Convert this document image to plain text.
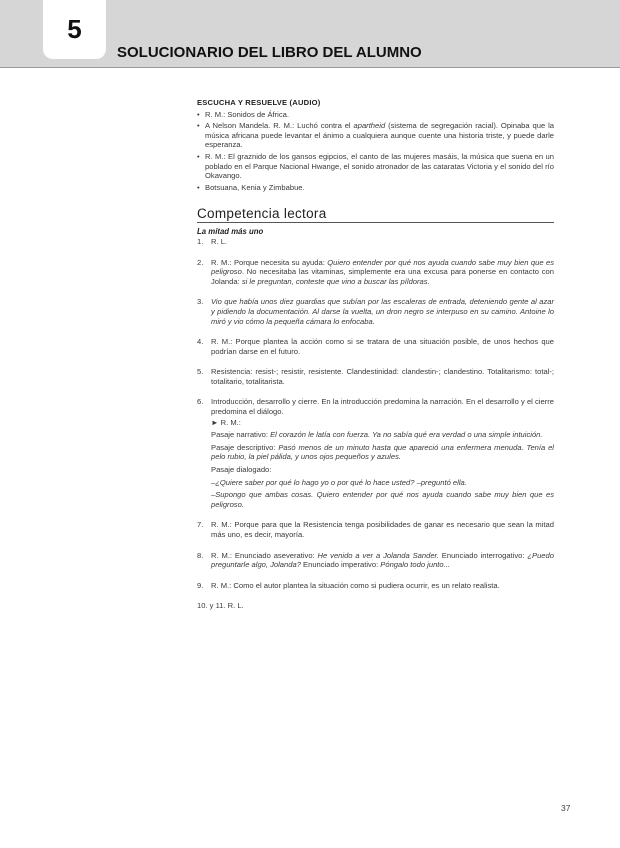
5
SOLUCIONARIO DEL LIBRO DEL ALUMNO
ESCUCHA Y RESUELVE (AUDIO)
• R. M.: Sonidos de África.
• A Nelson Mandela. R. M.: Luchó contra el apartheid (sistema de segregación racial). Opinaba que la música africana puede levantar el ánimo a cualquiera aunque cuente una historia triste, y puede darle esperanza.
• R. M.: El graznido de los gansos egipcios, el canto de las mujeres masáis, la música que suena en un poblado en el Parque Nacional Hwange, el sonido atronador de las cataratas Victoria y el sonido del río Okavango.
• Botsuana, Kenia y Zimbabue.
Competencia lectora
La mitad más uno
1. R. L.
2. R. M.: Porque necesita su ayuda: Quiero entender por qué nos ayuda cuando sabe muy bien que es peligroso. No necesitaba las vitaminas, simplemente era una excusa para ponerse en contacto con Jolanda: si le preguntan, conteste que vino a buscar las píldoras.
3. Vio que había unos diez guardias que subían por las escaleras de entrada, deteniendo gente al azar y pidiendo la documentación. Al darse la vuelta, un dron negro se interpuso en su camino. Antoine lo miró y vio cómo la pequeña cámara lo enfocaba.
4. R. M.: Porque plantea la acción como si se tratara de una situación posible, de unos hechos que podrían darse en el futuro.
5. Resistencia: resist-; resistir, resistente. Clandestinidad: clandestin-; clandestino. Totalitarismo: total-; totalitario, totalitarista.
6. Introducción, desarrollo y cierre. En la introducción predomina la narración. En el desarrollo y el cierre predomina el diálogo.
► R. M.:
Pasaje narrativo: El corazón le latía con fuerza. Ya no sabía qué era verdad o una simple intuición.
Pasaje descriptivo: Pasó menos de un minuto hasta que apareció una enfermera menuda. Tenía el pelo rubio, la piel pálida, y unos ojos pequeños y azules.
Pasaje dialogado:
–¿Quiere saber por qué lo hago yo o por qué lo hace usted? –preguntó ella.
–Supongo que ambas cosas. Quiero entender por qué nos ayuda cuando sabe muy bien que es peligroso.
7. R. M.: Porque para que la Resistencia tenga posibilidades de ganar es necesario que sean la mitad más uno, es decir, mayoría.
8. R. M.: Enunciado aseverativo: He venido a ver a Jolanda Sander. Enunciado interrogativo: ¿Puedo preguntarle algo, Jolanda? Enunciado imperativo: Póngalo todo junto...
9. R. M.: Como el autor plantea la situación como si pudiera ocurrir, es un relato realista.
10. y 11. R. L.
37
